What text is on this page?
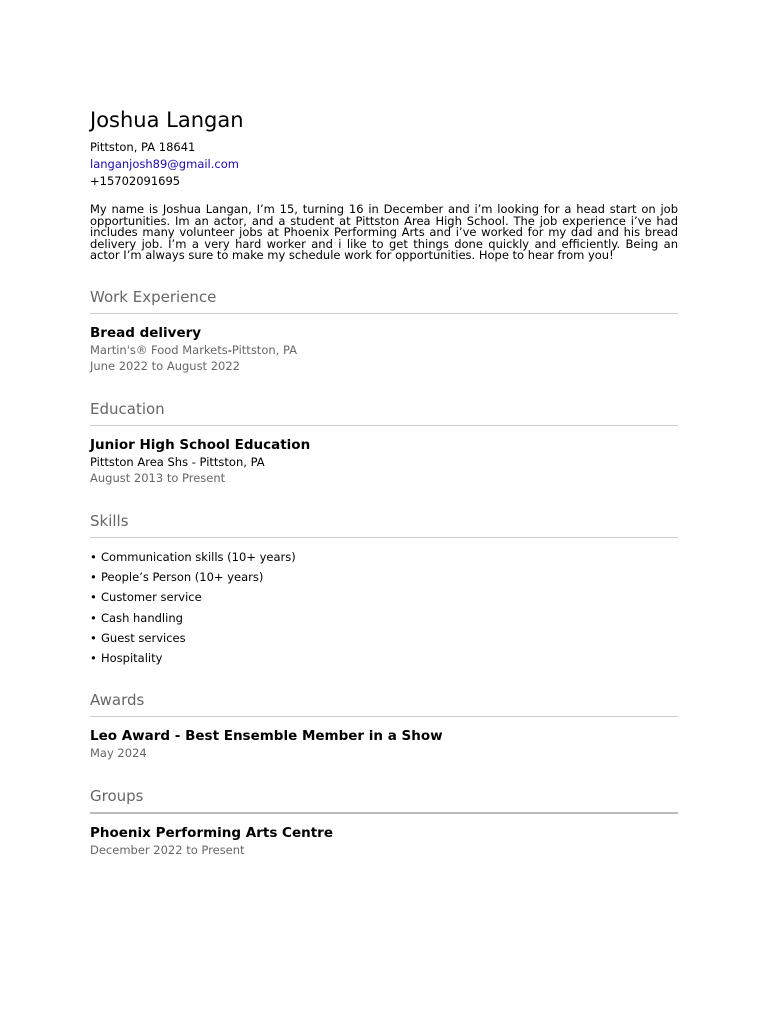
Joshua Langan
Pittston, PA 18641
langanjosh89@gmail.com
+15702091695
My name is Joshua Langan, I’m 15, turning 16 in December and i’m looking for a head start on job opportunities. Im an actor, and a student at Pittston Area High School. The job experience i’ve had includes many volunteer jobs at Phoenix Performing Arts and i’ve worked for my dad and his bread delivery job. I’m a very hard worker and i like to get things done quickly and efficiently. Being an actor I’m always sure to make my schedule work for opportunities. Hope to hear from you!
Work Experience
Bread delivery
Martin's® Food Markets-Pittston, PA
June 2022 to August 2022
Education
Junior High School Education
Pittston Area Shs - Pittston, PA
August 2013 to Present
Skills
• Communication skills (10+ years)
• People’s Person (10+ years)
• Customer service
• Cash handling
• Guest services
• Hospitality
Awards
Leo Award - Best Ensemble Member in a Show
May 2024
Groups
Phoenix Performing Arts Centre
December 2022 to Present
